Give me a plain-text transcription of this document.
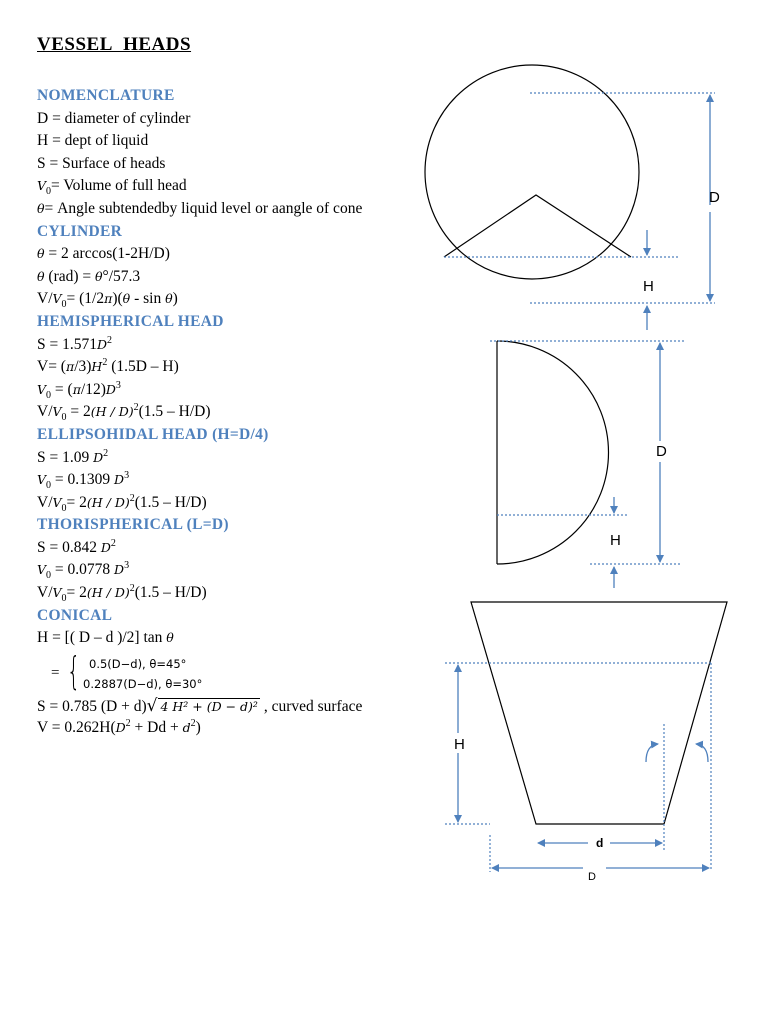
VESSEL HEADS
NOMENCLATURE
D = diameter of cylinder
H = dept of liquid
S = Surface of heads
$V_0=$ Volume of full head
θ= Angle subtendedby liquid level or aangle of cone
CYLINDER
θ = 2 arccos(1-2H/D)
θ (rad) = θ°/57.3
$V/V_0= (1/2\pi)(\theta - \sin \theta)$
HEMISPHERICAL HEAD
$S = 1.571D^2$
$V= (\pi/3)H^2$ (1.5D – H)
$V_0 = (\pi/12)D^3$
$V/V_0 = 2(H / D)^2(1.5 - H/D)$
ELLIPSOHIDAL HEAD (H=D/4)
S = 1.09 $D^2$
$V_0 = 0.1309$ $D^3$
$V/V_0= 2(H / D)^2(1.5 - H/D)$
THORISPHERICAL (L=D)
S = 0.842 $D^2$
$V_0 = 0.0778$ $D^3$
$V/V_0= 2(H / D)^2(1.5 - H/D)$
CONICAL
H = [( D – d )/2] tan θ
= { 0.5(D−d), θ=45°
0.2887(D−d), θ=30°
S = 0.785 (D + d)√ 4 H² + (D − d)² , curved surface
$V = 0.262H(D^2 + Dd + d^2)$
D
H
D
H
H
d
D
